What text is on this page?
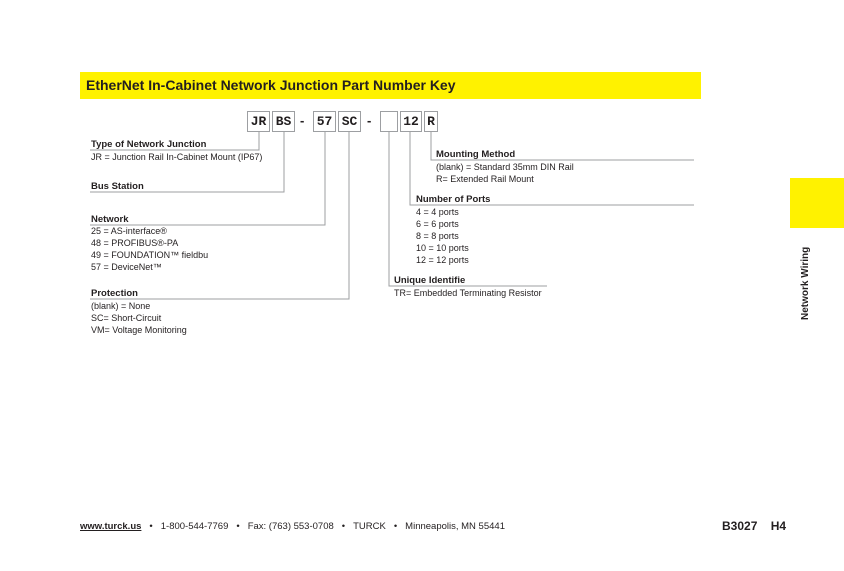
EtherNet In-Cabinet Network Junction Part Number Key
JR BS - 57 SC - 12 R
Type of Network Junction
JR = Junction Rail In-Cabinet Mount (IP67)
Bus Station
Network
25 = AS-interface®
48 = PROFIBUS®-PA
49 = FOUNDATION™ fieldbu
57 = DeviceNet™
Protection
(blank) = None
SC= Short-Circuit
VM= Voltage Monitoring
Mounting Method
(blank) = Standard 35mm DIN Rail
R= Extended Rail Mount
Number of Ports
4 = 4 ports
6 = 6 ports
8 = 8 ports
10 = 10 ports
12 = 12 ports
Unique Identifie
TR= Embedded Terminating Resistor	Network Wiring
www.turck.us • 1-800-544-7769 • Fax: (763) 553-0708 • TURCK • Minneapolis, MN 55441	B3027 H4
